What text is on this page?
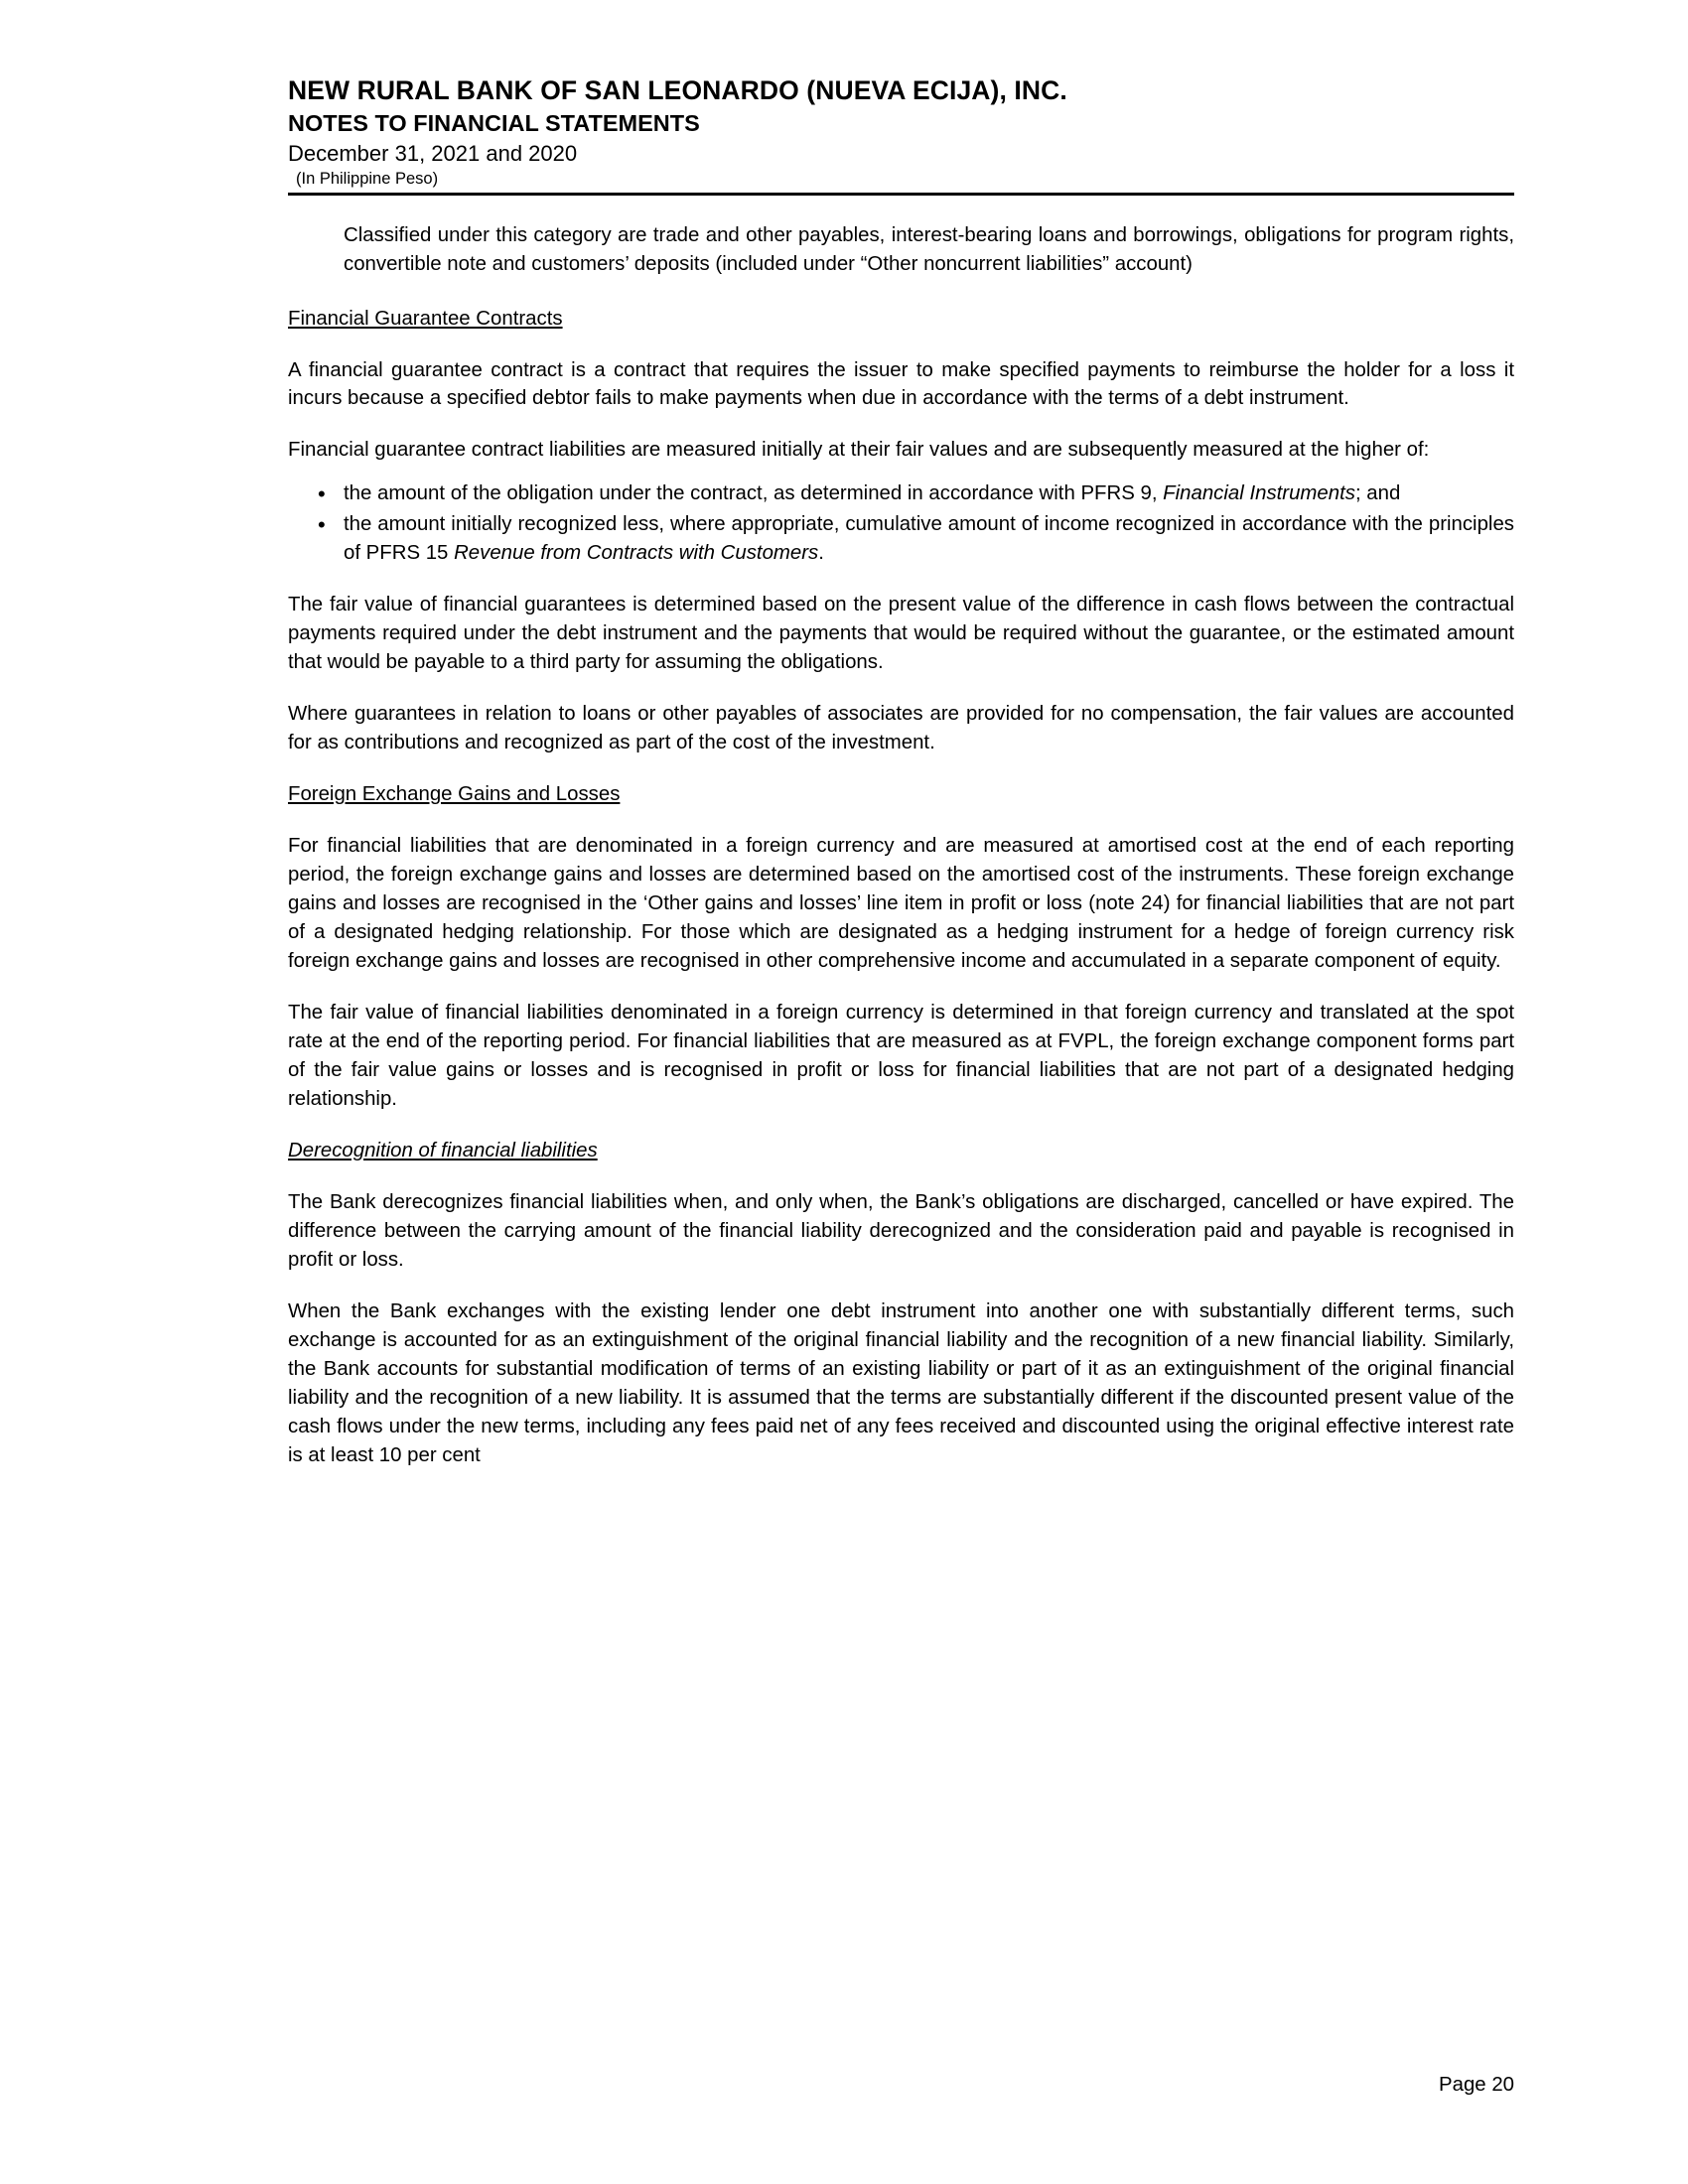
NEW RURAL BANK OF SAN LEONARDO (NUEVA ECIJA), INC.
NOTES TO FINANCIAL STATEMENTS
December 31, 2021 and 2020
(In Philippine Peso)
Classified under this category are trade and other payables, interest-bearing loans and borrowings, obligations for program rights, convertible note and customers’ deposits (included under “Other noncurrent liabilities” account)
Financial Guarantee Contracts

A financial guarantee contract is a contract that requires the issuer to make specified payments to reimburse the holder for a loss it incurs because a specified debtor fails to make payments when due in accordance with the terms of a debt instrument.

Financial guarantee contract liabilities are measured initially at their fair values and are subsequently measured at the higher of:

• the amount of the obligation under the contract, as determined in accordance with PFRS 9, Financial Instruments; and
• the amount initially recognized less, where appropriate, cumulative amount of income recognized in accordance with the principles of PFRS 15 Revenue from Contracts with Customers.

The fair value of financial guarantees is determined based on the present value of the difference in cash flows between the contractual payments required under the debt instrument and the payments that would be required without the guarantee, or the estimated amount that would be payable to a third party for assuming the obligations.

Where guarantees in relation to loans or other payables of associates are provided for no compensation, the fair values are accounted for as contributions and recognized as part of the cost of the investment.

Foreign Exchange Gains and Losses

For financial liabilities that are denominated in a foreign currency and are measured at amortised cost at the end of each reporting period, the foreign exchange gains and losses are determined based on the amortised cost of the instruments. These foreign exchange gains and losses are recognised in the ‘Other gains and losses’ line item in profit or loss (note 24) for financial liabilities that are not part of a designated hedging relationship. For those which are designated as a hedging instrument for a hedge of foreign currency risk foreign exchange gains and losses are recognised in other comprehensive income and accumulated in a separate component of equity.

The fair value of financial liabilities denominated in a foreign currency is determined in that foreign currency and translated at the spot rate at the end of the reporting period. For financial liabilities that are measured as at FVPL, the foreign exchange component forms part of the fair value gains or losses and is recognised in profit or loss for financial liabilities that are not part of a designated hedging relationship.

Derecognition of financial liabilities

The Bank derecognizes financial liabilities when, and only when, the Bank’s obligations are discharged, cancelled or have expired. The difference between the carrying amount of the financial liability derecognized and the consideration paid and payable is recognised in profit or loss.

When the Bank exchanges with the existing lender one debt instrument into another one with substantially different terms, such exchange is accounted for as an extinguishment of the original financial liability and the recognition of a new financial liability. Similarly, the Bank accounts for substantial modification of terms of an existing liability or part of it as an extinguishment of the original financial liability and the recognition of a new liability. It is assumed that the terms are substantially different if the discounted present value of the cash flows under the new terms, including any fees paid net of any fees received and discounted using the original effective interest rate is at least 10 per cent

Page 20
